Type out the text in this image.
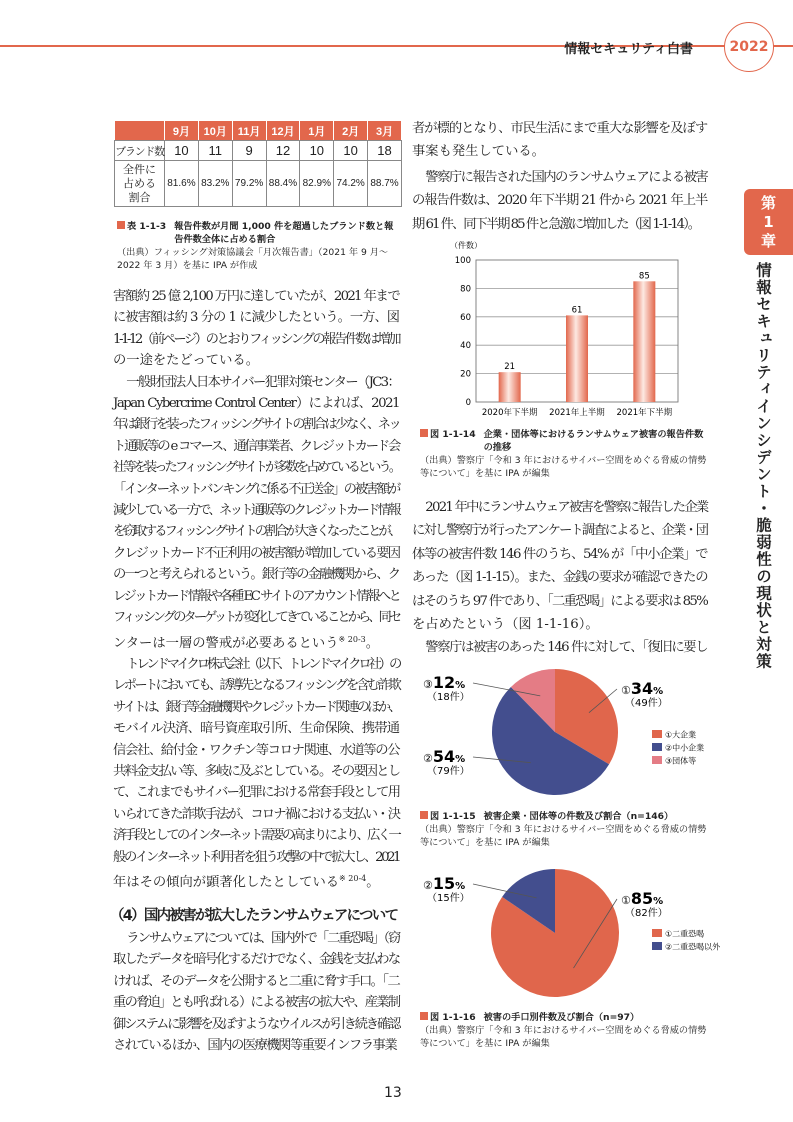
情報セキュリティ白書	2022
第
1
章
情報セキュリティインシデント・脆弱性の現状と対策
	9月	10月	11月	12月	1月	2月	3月
ブランド数	10	11	9	12	10	10	18
全件に占める割合	81.6%	83.2%	79.2%	88.4%	82.9%	74.2%	88.7%
表 1-1-3 報告件数が月間 1,000 件を超過したブランド数と報告件数全体に占める割合
（出典）フィッシング対策協議会「月次報告書」（2021 年 9 月～ 2022 年 3 月）を基に IPA が作成
害額約 25 億 2,100 万円に達していたが、2021 年まで
に被害額は約 3 分の 1 に減少したという。一方、図
1-1-12（前ページ）のとおりフィッシングの報告件数は増加
の一途をたどっている。
一般財団法人日本サイバー犯罪対策センター（JC3：
Japan Cybercrime Control Center）によれば、2021
年は銀行を装ったフィッシングサイトの割合は少なく、ネッ
ト通販等の e コマース、通信事業者、クレジットカード会
社等を装ったフィッシングサイトが多数を占めているという。
「インターネットバンキングに係る不正送金」の被害額が
減少している一方で、ネット通販等のクレジットカード情報
を窃取するフィッシングサイトの割合が大きくなったことが、
クレジットカード不正利用の被害額が増加している要因
の一つと考えられるという。銀行等の金融機関から、ク
レジットカード情報や各種 EC サイトのアカウント情報へと
フィッシングのターゲットが変化してきていることから、同セ
ンターは一層の警戒が必要あるという$^{※ 20-3}$。
トレンドマイクロ株式会社（以下、トレンドマイクロ社）の
レポートにおいても、誘導先となるフィッシングを含む詐欺
サイトは、銀行等金融機関やクレジットカード関連のほか、
モバイル決済、暗号資産取引所、生命保険、携帯通
信会社、給付金・ワクチン等コロナ関連、水道等の公
共料金支払い等、多岐に及ぶとしている。その要因とし
て、これまでもサイバー犯罪における常套手段として用
いられてきた詐欺手法が、コロナ禍における支払い・決
済手段としてのインターネット需要の高まりにより、広く一
般のインターネット利用者を狙う攻撃の中で拡大し、2021
年はその傾向が顕著化したとしている$^{※ 20-4}$。
（4）国内被害が拡大したランサムウェアについて
ランサムウェアについては、国内外で「二重恐喝」（窃
取したデータを暗号化するだけでなく、金銭を支払わな
ければ、そのデータを公開すると二重に脅す手口。「二
重の脅迫」とも呼ばれる）による被害の拡大や、産業制
御システムに影響を及ぼすようなウイルスが引き続き確認
されているほか、国内の医療機関等重要インフラ事業
者が標的となり、市民生活にまで重大な影響を及ぼす
事案も発生している。
警察庁に報告された国内のランサムウェアによる被害
の報告件数は、2020 年下半期 21 件から 2021 年上半
期 61 件、同下半期 85 件と急激に増加した（図 1-1-14）。
（件数）
0
20
40
60
80
100
21
2020年下半期
61
2021年上半期
85
2021年下半期
図 1-1-14 企業・団体等におけるランサムウェア被害の報告件数の推移
（出典）警察庁「令和 3 年におけるサイバー空間をめぐる脅威の情勢等について」を基に IPA が編集
2021 年中にランサムウェア被害を警察に報告した企業
に対し警察庁が行ったアンケート調査によると、企業・団
体等の被害件数 146 件のうち、54% が「中小企業」で
あった（図 1-1-15）。また、金銭の要求が確認できたの
はそのうち 97 件であり、「二重恐喝」による要求は 85%
を占めたという（図 1-1-16）。
警察庁は被害のあった 146 件に対して、「復旧に要し
①34%
（49件）
①大企業
②54%
（79件）
②中小企業
③12%
（18件）
③団体等
図 1-1-15 被害企業・団体等の件数及び割合（n=146）
（出典）警察庁「令和 3 年におけるサイバー空間をめぐる脅威の情勢等について」を基に IPA が編集
①85%
（82件）
①二重恐喝
②15%
（15件）
②二重恐喝以外
図 1-1-16 被害の手口別件数及び割合（n=97）
（出典）警察庁「令和 3 年におけるサイバー空間をめぐる脅威の情勢等について」を基に IPA が編集
13
